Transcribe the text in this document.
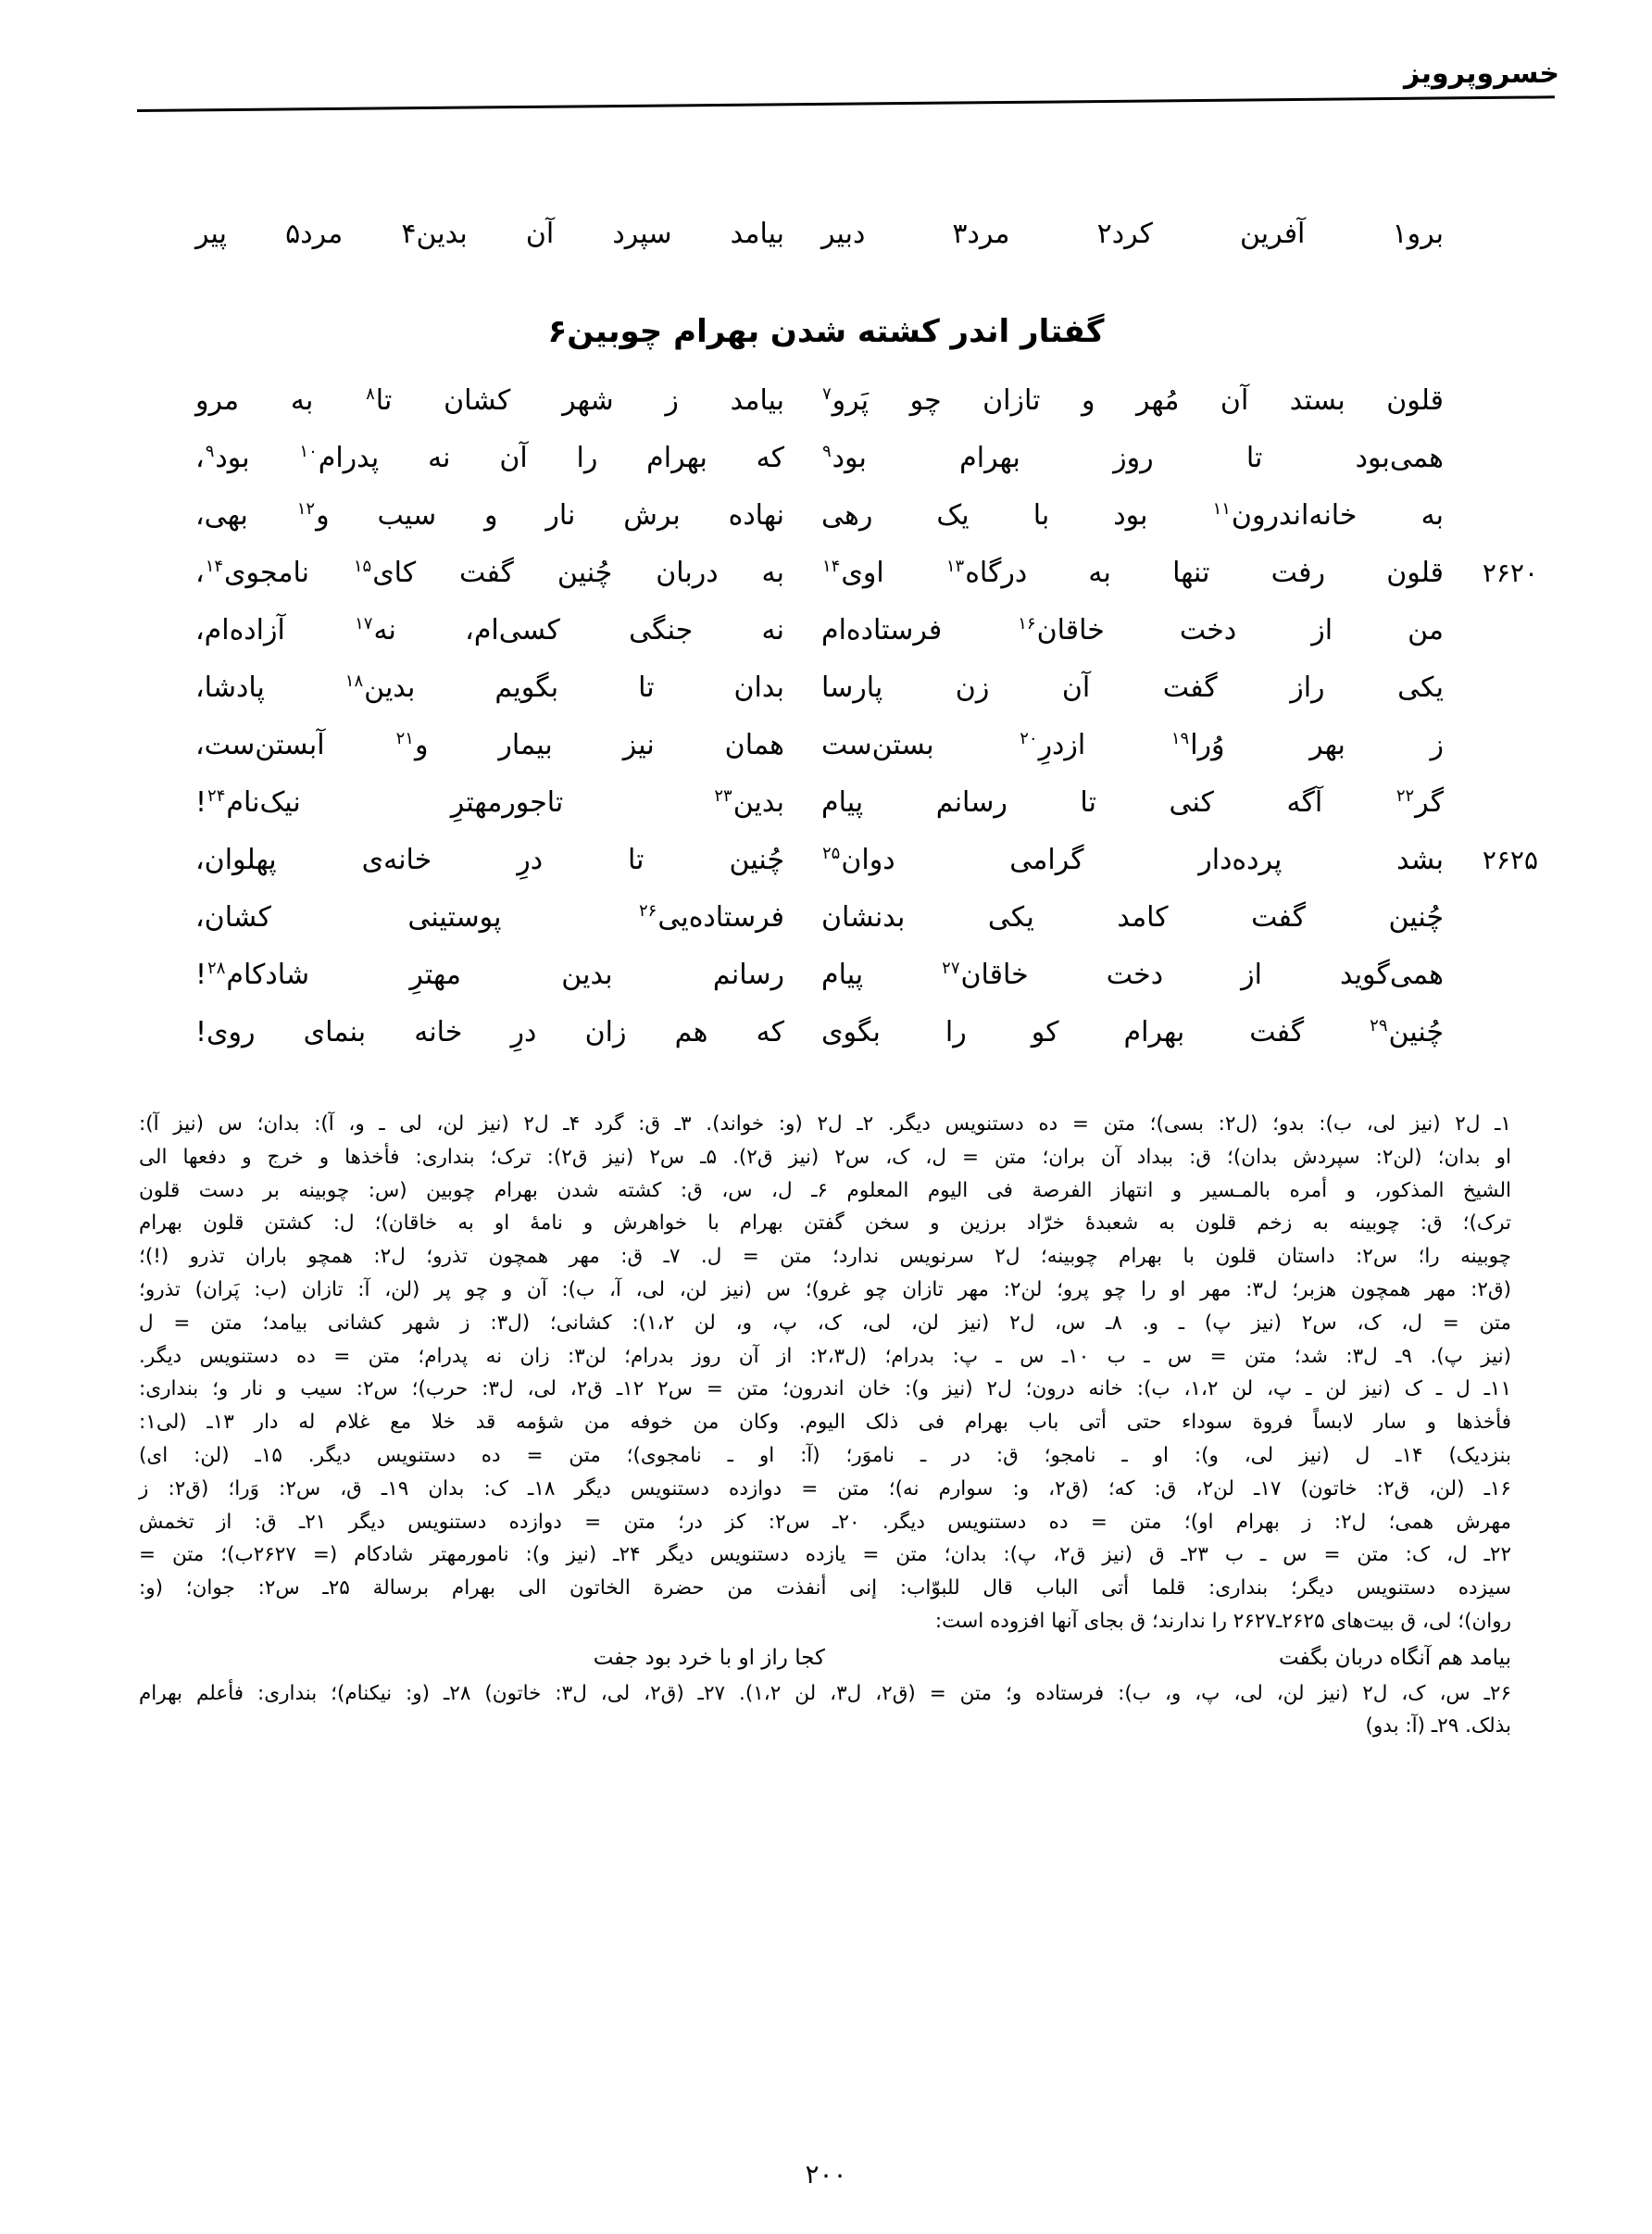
خسروپرویز
برو۱ آفرین کرد۲ مرد۳ دبیر
بیامد سپرد آن بدین۴ مرد۵ پیر
قلون بستد آن مُهر و تازان چو پَرو$^۷$
بیامد ز شهر کشان تا$^۸$ به مرو
همی‌بود تا روز بهرام بود$^۹$
که بهرام را آن نه پدرام$^{۱۰}$ بود$^۹$،
به خانه‌اندرون$^{۱۱}$ بود با یک رهی
نهاده برش نار و سیب و$^{۱۲}$ بهی،
۲۶۲۰
قلون رفت تنها به درگاه$^{۱۳}$ اوی$^{۱۴}$
به دربان چُنین گفت کای$^{۱۵}$ نامجوی$^{۱۴}$،
من از دخت خاقان$^{۱۶}$ فرستاده‌ام
نه جنگی کسی‌ام، نه$^{۱۷}$ آزاده‌ام،
یکی راز گفت آن زن پارسا
بدان تا بگویم بدین$^{۱۸}$ پادشا،
ز بهر وُرا$^{۱۹}$ ازدرِ$^{۲۰}$ بستن‌ست
همان نیز بیمار و$^{۲۱}$ آبستن‌ست،
گر$^{۲۲}$ آگه کنی تا رسانم پیام
بدین$^{۲۳}$ تاجورمهترِ نیک‌نام$^{۲۴}$!
۲۶۲۵
بشد پرده‌دار گرامی دوان$^{۲۵}$
چُنین تا درِ خانه‌ی پهلوان،
چُنین گفت کامد یکی بدنشان
فرستاده‌یی$^{۲۶}$ پوستینی کشان،
همی‌گوید از دخت خاقان$^{۲۷}$ پیام
رسانم بدین مهترِ شادکام$^{۲۸}$!
چُنین$^{۲۹}$ گفت بهرام کو را بگوی
که هم زان درِ خانه بنمای روی!
گفتار اندر کشته شدن بهرام چوبین۶
۱ـ ل۲ (نیز لی، ب): بدو؛ (ل۲: بسی)؛ متن = ده دستنویس دیگر. ۲ـ ل۲ (و: خواند). ۳ـ ق: گرد ۴ـ ل۲ (نیز لن، لی ـ و، آ): بدان؛ س (نیز آ):
او بدان؛ (لن۲: سپردش بدان)؛ ق: ببداد آن بران؛ متن = ل، ک، س۲ (نیز ق۲). ۵ـ س۲ (نیز ق۲): ترک؛ بنداری: فأخذها و خرج و دفعها الی
الشیخ المذکور، و أمره بالمـسیر و انتهاز الفرصة فی الیوم المعلوم ۶ـ ل، س، ق: کشته شدن بهرام چوبین (س: چوبینه بر دست قلون
ترک)؛ ق: چوبینه به زخم قلون به شعبدهٔ خرّاد برزین و سخن گفتن بهرام با خواهرش و نامهٔ او به خاقان)؛ ل: کشتن قلون بهرام
چوبینه را؛ س۲: داستان قلون با بهرام چوبینه؛ ل۲ سرنویس ندارد؛ متن = ل. ۷ـ ق: مهر همچون تذرو؛ ل۲: همچو باران تذرو (!)؛
(ق۲: مهر همچون هزبر؛ ل۳: مهر او را چو پرو؛ لن۲: مهر تازان چو غرو)؛ س (نیز لن، لی، آ، ب): آن و چو پر (لن، آ: تازان (ب: پَران) تذرو؛
متن = ل، ک، س۲ (نیز پ) ـ و. ۸ـ س، ل۲ (نیز لن، لی، ک، پ، و، لن ۱،۲): کشانی؛ (ل۳: ز شهر کشانی بیامد؛ متن = ل
(نیز پ). ۹ـ ل۳: شد؛ متن = س ـ ب ۱۰ـ س ـ پ: بدرام؛ (ل۲،۳: از آن روز بدرام؛ لن۳: زان نه پدرام؛ متن = ده دستنویس دیگر.
۱۱ـ ل ـ ک (نیز لن ـ پ، لن ۱،۲، ب): خانه درون؛ ل۲ (نیز و): خان اندرون؛ متن = س۲ ۱۲ـ ق۲، لی، ل۳: حرب)؛ س۲: سیب و نار و؛ بنداری:
فأخذها و سار لابساً فروة سوداء حتی أتی باب بهرام فی ذلک الیوم. وکان من خوفه من شؤمه قد خلا مع غلام له دار ۱۳ـ (لی۱:
بنزدیک) ۱۴ـ ل (نیز لی، و): او ـ نامجو؛ ق: در ـ ناموَر؛ (آ: او ـ نامجوی)؛ متن = ده دستنویس دیگر. ۱۵ـ (لن: ای)
۱۶ـ (لن، ق۲: خاتون) ۱۷ـ لن۲، ق: که؛ (ق۲، و: سوارم نه)؛ متن = دوازده دستنویس دیگر ۱۸ـ ک: بدان ۱۹ـ ق، س۲: وَرا؛ (ق۲: ز
مهرش همی؛ ل۲: ز بهرام او)؛ متن = ده دستنویس دیگر. ۲۰ـ س۲: کز در؛ متن = دوازده دستنویس دیگر ۲۱ـ ق: از تخمش
۲۲ـ ل، ک: متن = س ـ ب ۲۳ـ ق (نیز ق۲، پ): بدان؛ متن = یازده دستنویس دیگر ۲۴ـ (نیز و): نامورمهتر شادکام (= ۲۶۲۷ب)؛ متن =
سیزده دستنویس دیگر؛ بنداری: قلما أتی الباب قال للبوّاب: إنی أنفذت من حضرة الخاتون الی بهرام برسالة ۲۵ـ س۲: جوان؛ (و:
روان)؛ لی، ق بیت‌های ۲۶۲۵ـ۲۶۲۷ را ندارند؛ ق بجای آنها افزوده است:
بیامد هم آنگاه دربان بگفت
کجا راز او با خرد بود جفت
۲۶ـ س، ک، ل۲ (نیز لن، لی، پ، و، ب): فرستاده و؛ متن = (ق۲، ل۳، لن ۱،۲). ۲۷ـ (ق۲، لی، ل۳: خاتون) ۲۸ـ (و: نیکنام)؛ بنداری: فأعلم بهرام
بذلک. ۲۹ـ (آ: بدو)
۲۰۰
